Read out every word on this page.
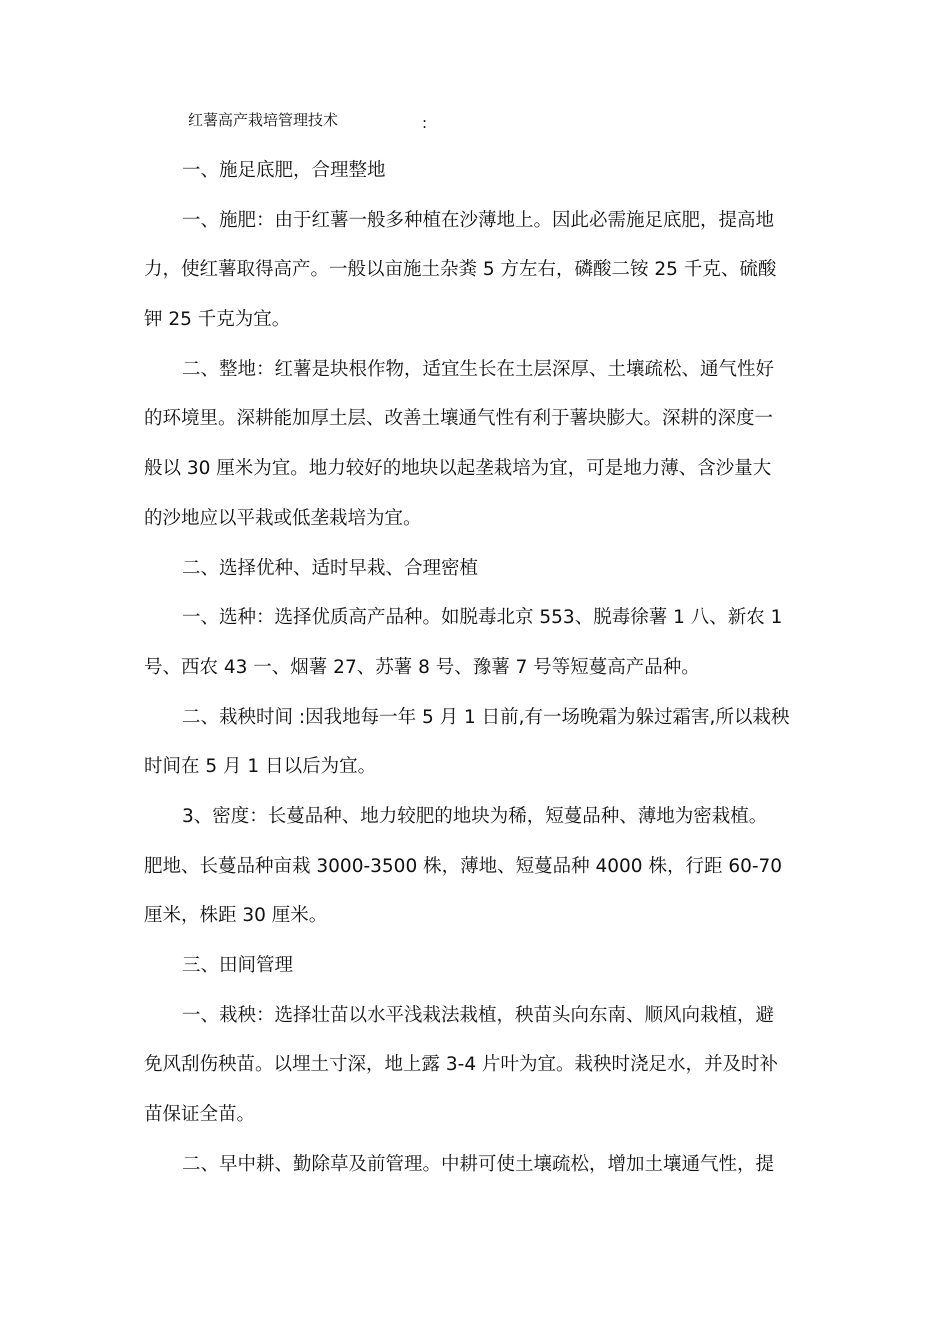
红薯高产栽培管理技术	:
一、施足底肥，合理整地
一、施肥：由于红薯一般多种植在沙薄地上。因此必需施足底肥，提高地
力，使红薯取得高产。一般以亩施土杂粪 5 方左右，磷酸二铵 25 千克、硫酸
钾 25 千克为宜。
二、整地：红薯是块根作物，适宜生长在土层深厚、土壤疏松、通气性好
的环境里。深耕能加厚土层、改善土壤通气性有利于薯块膨大。深耕的深度一
般以 30 厘米为宜。地力较好的地块以起垄栽培为宜，可是地力薄、含沙量大
的沙地应以平栽或低垄栽培为宜。
二、选择优种、适时早栽、合理密植
一、选种：选择优质高产品种。如脱毒北京 553、脱毒徐薯 1 八、新农 1
号、西农 43 一、烟薯 27、苏薯 8 号、豫薯 7 号等短蔓高产品种。
二、栽秧时间 :因我地每一年 5 月 1 日前,有一场晚霜为躲过霜害,所以栽秧
时间在 5 月 1 日以后为宜。
3、密度：长蔓品种、地力较肥的地块为稀，短蔓品种、薄地为密栽植。
肥地、长蔓品种亩栽 3000-3500 株，薄地、短蔓品种 4000 株，行距 60-70
厘米，株距 30 厘米。
三、田间管理
一、栽秧：选择壮苗以水平浅栽法栽植，秧苗头向东南、顺风向栽植，避
免风刮伤秧苗。以埋土寸深，地上露 3-4 片叶为宜。栽秧时浇足水，并及时补
苗保证全苗。
二、早中耕、勤除草及前管理。中耕可使土壤疏松，增加土壤通气性，提
